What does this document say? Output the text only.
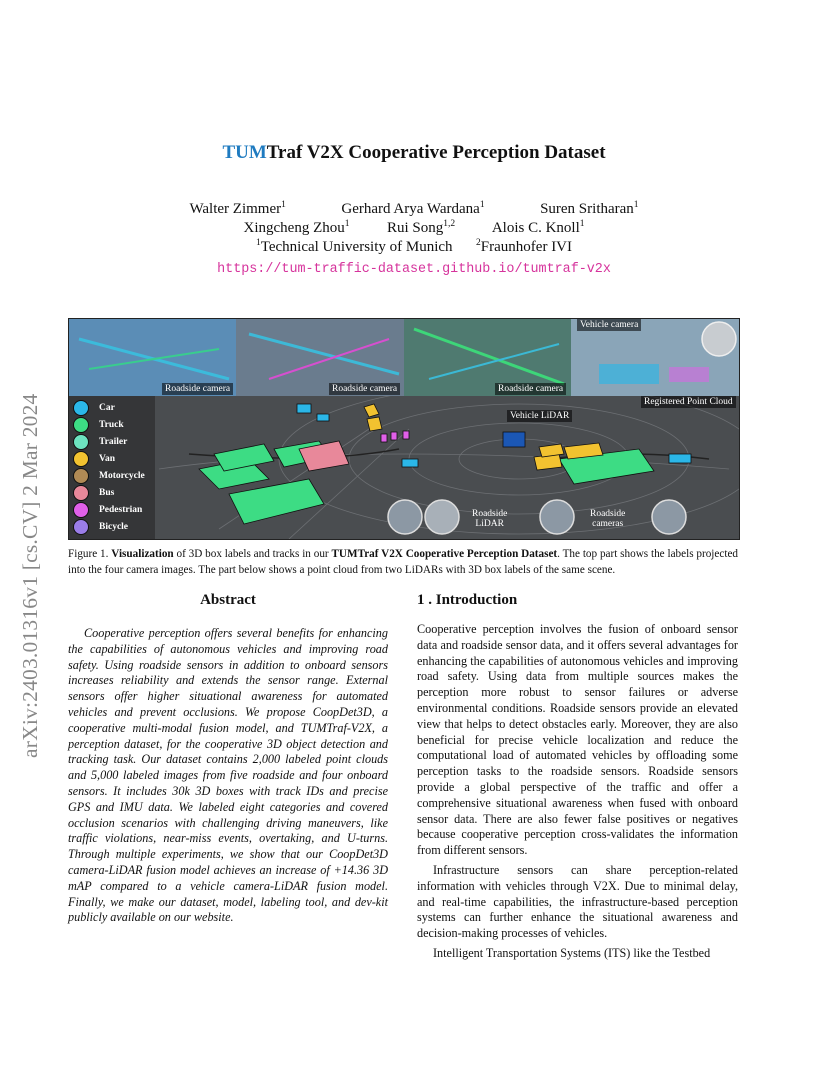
arXiv:2403.01316v1 [cs.CV] 2 Mar 2024
TUMTraf V2X Cooperative Perception Dataset
Walter Zimmer$^1$	Gerhard Arya Wardana$^1$	Suren Sritharan$^1$
Xingcheng Zhou$^1$	Rui Song$^{1,2}$ Alois C. Knoll$^1$
$^1$Technical University of Munich $^2$Fraunhofer IVI
https://tum-traffic-dataset.github.io/tumtraf-v2x
Roadside camera	Roadside camera	Roadside camera
Vehicle camera
Registered Point Cloud
Vehicle LiDAR
Roadside
LiDAR
Roadside
cameras
Car
Truck
Trailer
Van
Motorcycle
Bus
Pedestrian
Bicycle
Figure 1. Visualization of 3D box labels and tracks in our TUMTraf V2X Cooperative Perception Dataset. The top part shows the labels projected into the four camera images. The part below shows a point cloud from two LiDARs with 3D box labels of the same scene.
Abstract
Cooperative perception offers several benefits for enhancing the capabilities of autonomous vehicles and improving road safety. Using roadside sensors in addition to onboard sensors increases reliability and extends the sensor range. External sensors offer higher situational awareness for automated vehicles and prevent occlusions. We propose CoopDet3D, a cooperative multi-modal fusion model, and TUMTraf-V2X, a perception dataset, for the cooperative 3D object detection and tracking task. Our dataset contains 2,000 labeled point clouds and 5,000 labeled images from five roadside and four onboard sensors. It includes 30k 3D boxes with track IDs and precise GPS and IMU data. We labeled eight categories and covered occlusion scenarios with challenging driving maneuvers, like traffic violations, near-miss events, overtaking, and U-turns. Through multiple experiments, we show that our CoopDet3D camera-LiDAR fusion model achieves an increase of +14.36 3D mAP compared to a vehicle camera-LiDAR fusion model. Finally, we make our dataset, model, labeling tool, and dev-kit publicly available on our website.
1 . Introduction

Cooperative perception involves the fusion of onboard sensor data and roadside sensor data, and it offers several advantages for enhancing the capabilities of autonomous vehicles and improving road safety. Using data from multiple sources makes the perception more robust to sensor failures or adverse environmental conditions. Roadside sensors provide an elevated view that helps to detect obstacles early. Moreover, they are also beneficial for precise vehicle localization and reduce the computational load of automated vehicles by offloading some perception tasks to the roadside sensors. Roadside sensors provide a global perspective of the traffic and offer a comprehensive situational awareness when fused with onboard sensor data. There are also fewer false positives or negatives because cooperative perception cross-validates the information from different sensors.

Infrastructure sensors can share perception-related information with vehicles through V2X. Due to minimal delay, and real-time capabilities, the infrastructure-based perception systems can further enhance the situational awareness and decision-making processes of vehicles.

Intelligent Transportation Systems (ITS) like the Testbed
